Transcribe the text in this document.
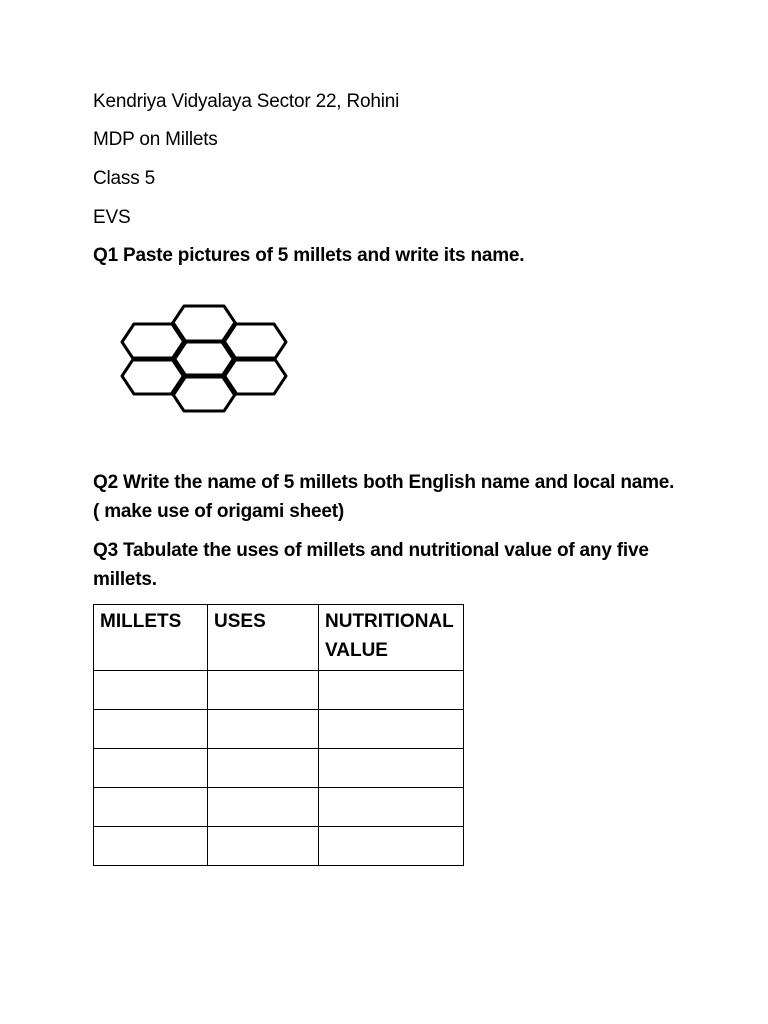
Kendriya Vidyalaya Sector 22, Rohini
MDP on Millets
Class 5
EVS
Q1 Paste pictures of 5 millets and write its name.
Q2 Write the name of 5 millets both English name and local name. ( make use of origami sheet)
Q3 Tabulate the uses of millets and nutritional value of any five millets.
MILLETS	USES	NUTRITIONAL VALUE
